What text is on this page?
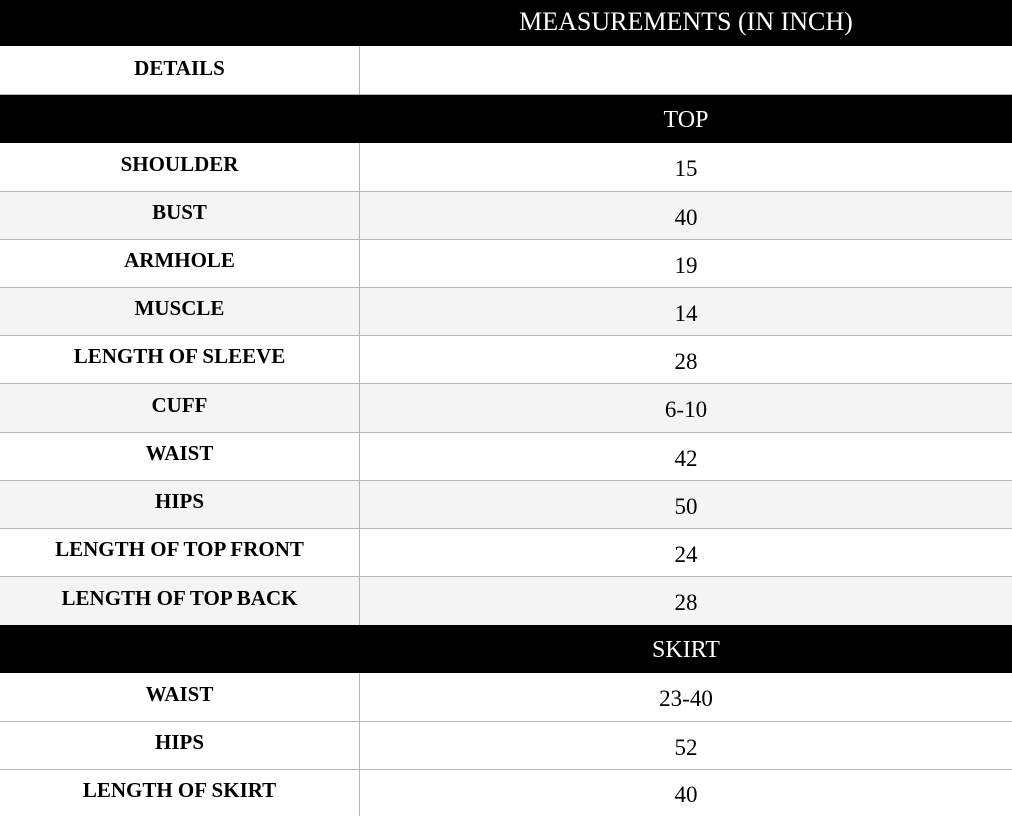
MEASUREMENTS (IN INCH)
DETAILS
TOP
SHOULDER	15
BUST	40
ARMHOLE	19
MUSCLE	14
LENGTH OF SLEEVE	28
CUFF	6-10
WAIST	42
HIPS	50
LENGTH OF TOP FRONT	24
LENGTH OF TOP BACK	28
SKIRT
WAIST	23-40
HIPS	52
LENGTH OF SKIRT	40
